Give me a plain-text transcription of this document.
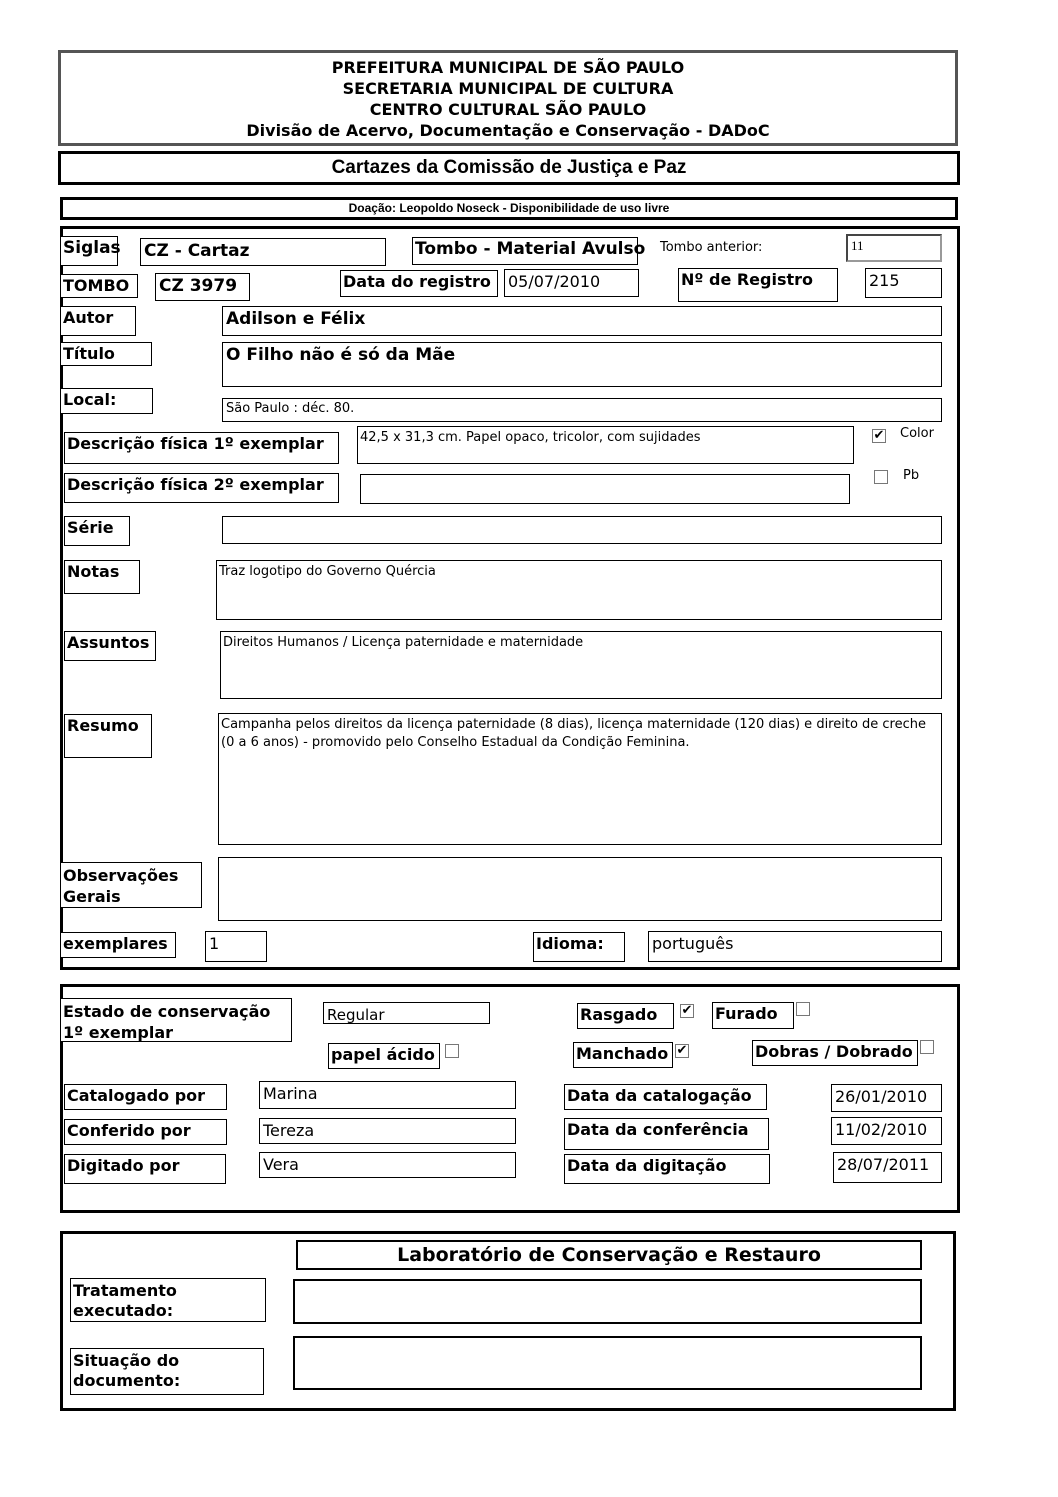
PREFEITURA MUNICIPAL DE SÃO PAULO
SECRETARIA MUNICIPAL DE CULTURA
CENTRO CULTURAL SÃO PAULO
Divisão de Acervo, Documentação e Conservação - DADoC
Cartazes da Comissão de Justiça e Paz
Doação: Leopoldo Noseck - Disponibilidade de uso livre
Siglas CZ - Cartaz	Tombo - Material Avulso Tombo anterior:	11
TOMBO	CZ 3979	Data do registro	05/07/2010	Nº de Registro	215
Autor	Adilson e Félix
Título	O Filho não é só da Mãe
Local:	São Paulo : déc. 80.
Descrição física 1º exemplar	42,5 x 31,3 cm. Papel opaco, tricolor, com sujidades	✔ Color
Descrição física 2º exemplar	Pb
Série
Notas	Traz logotipo do Governo Quércia
Assuntos	Direitos Humanos / Licença paternidade e maternidade
Resumo	Campanha pelos direitos da licença paternidade (8 dias), licença maternidade (120 dias) e direito de creche (0 a 6 anos) - promovido pelo Conselho Estadual da Condição Feminina.
Observações Gerais
exemplares	1	Idioma:	português
Estado de conservação 1º exemplar
Regular	Rasgado	✔ Furado
papel ácido	Manchado ✔	Dobras / Dobrado
Catalogado por	Marina	Data da catalogação	26/01/2010
Conferido por	Tereza	Data da conferência	11/02/2010
Digitado por	Vera	Data da digitação	28/07/2011
Laboratório de Conservação e Restauro
Tratamento executado:
Situação do documento:
